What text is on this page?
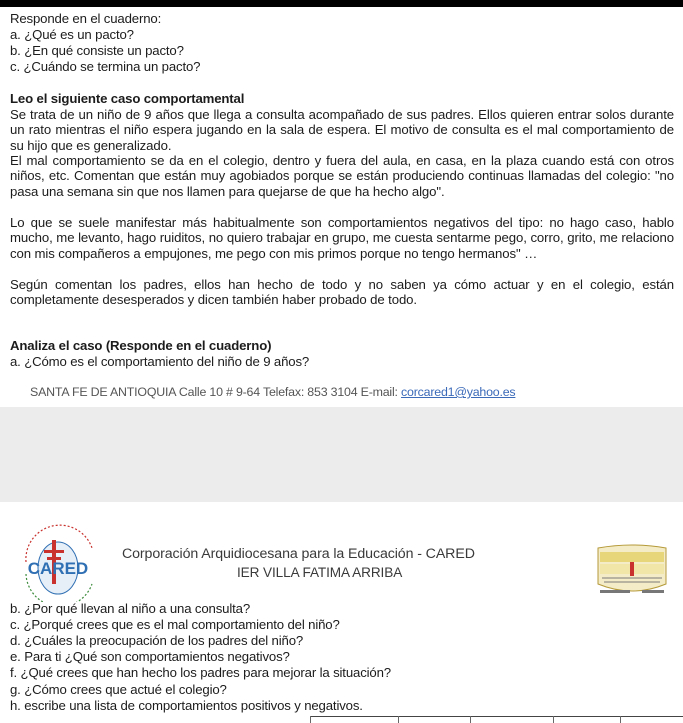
Responde en el cuaderno:
a. ¿Qué es un pacto?
b. ¿En qué consiste un pacto?
c. ¿Cuándo se termina un pacto?
Leo el siguiente caso comportamental

Se trata de un niño de 9 años que llega a consulta acompañado de sus padres. Ellos quieren entrar solos durante un rato mientras el niño espera jugando en la sala de espera. El motivo de consulta es el mal comportamiento de su hijo que es generalizado.

El mal comportamiento se da en el colegio, dentro y fuera del aula, en casa, en la plaza cuando está con otros niños, etc. Comentan que están muy agobiados porque se están produciendo continuas llamadas del colegio: "no pasa una semana sin que nos llamen para quejarse de que ha hecho algo".

Lo que se suele manifestar más habitualmente son comportamientos negativos del tipo: no hago caso, hablo mucho, me levanto, hago ruiditos, no quiero trabajar en grupo, me cuesta sentarme pego, corro, grito, me relaciono con mis compañeros a empujones, me pego con mis primos porque no tengo hermanos" …

Según comentan los padres, ellos han hecho de todo y no saben ya cómo actuar y en el colegio, están completamente desesperados y dicen también haber probado de todo.

Analiza el caso (Responde en el cuaderno)
a. ¿Cómo es el comportamiento del niño de 9 años?
SANTA FE DE ANTIOQUIA Calle 10 # 9-64 Telefax: 853 3104 E-mail: corcared1@yahoo.es
CARED
Corporación Arquidiocesana para la Educación - CARED
IER VILLA FATIMA ARRIBA
b. ¿Por qué llevan al niño a una consulta?
c. ¿Porqué crees que es el mal comportamiento del niño?
d. ¿Cuáles la preocupación de los padres del niño?
e. Para ti ¿Qué son comportamientos negativos?
f. ¿Qué crees que han hecho los padres para mejorar la situación?
g. ¿Cómo crees que actué el colegio?
h. escribe una lista de comportamientos positivos y negativos.
